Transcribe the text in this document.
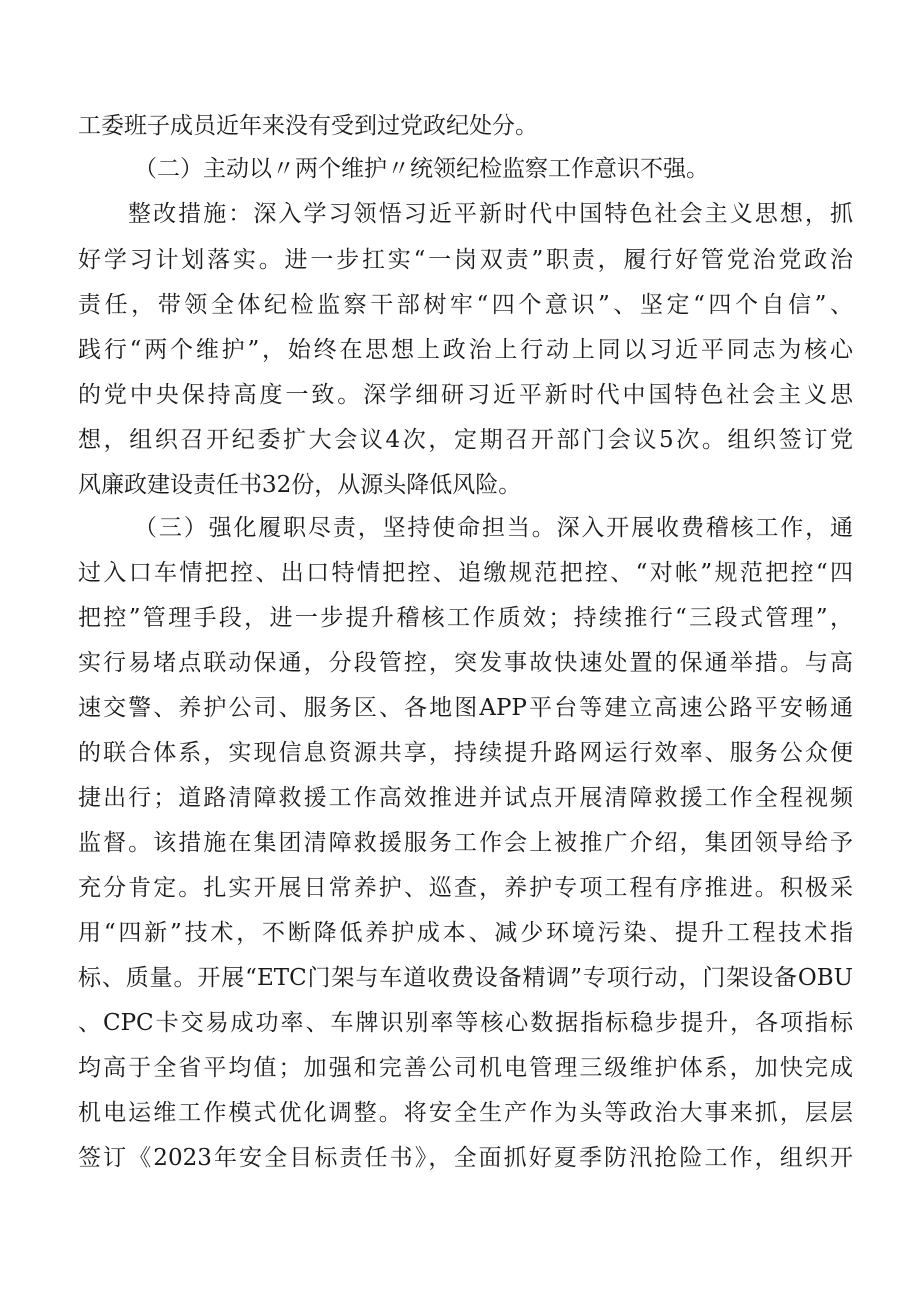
工委班子成员近年来没有受到过党政纪处分。
（二）主动以〃两个维护〃统领纪检监察工作意识不强。
整改措施：深入学习领悟习近平新时代中国特色社会主义思想，抓
好学习计划落实。进一步扛实“一岗双责”职责，履行好管党治党政治
责任，带领全体纪检监察干部树牢“四个意识”、坚定“四个自信”、
践行“两个维护”，始终在思想上政治上行动上同以习近平同志为核心
的党中央保持高度一致。深学细研习近平新时代中国特色社会主义思
想，组织召开纪委扩大会议4次，定期召开部门会议5次。组织签订党
风廉政建设责任书32份，从源头降低风险。
（三）强化履职尽责，坚持使命担当。深入开展收费稽核工作，通
过入口车情把控、出口特情把控、追缴规范把控、“对帐”规范把控“四
把控”管理手段，进一步提升稽核工作质效；持续推行“三段式管理”，
实行易堵点联动保通，分段管控，突发事故快速处置的保通举措。与高
速交警、养护公司、服务区、各地图APP平台等建立高速公路平安畅通
的联合体系，实现信息资源共享，持续提升路网运行效率、服务公众便
捷出行；道路清障救援工作高效推进并试点开展清障救援工作全程视频
监督。该措施在集团清障救援服务工作会上被推广介绍，集团领导给予
充分肯定。扎实开展日常养护、巡查，养护专项工程有序推进。积极采
用“四新”技术，不断降低养护成本、减少环境污染、提升工程技术指
标、质量。开展“ETC门架与车道收费设备精调”专项行动，门架设备OBU
、CPC卡交易成功率、车牌识别率等核心数据指标稳步提升，各项指标
均高于全省平均值；加强和完善公司机电管理三级维护体系，加快完成
机电运维工作模式优化调整。将安全生产作为头等政治大事来抓，层层
签订《2023年安全目标责任书》，全面抓好夏季防汛抢险工作，组织开
